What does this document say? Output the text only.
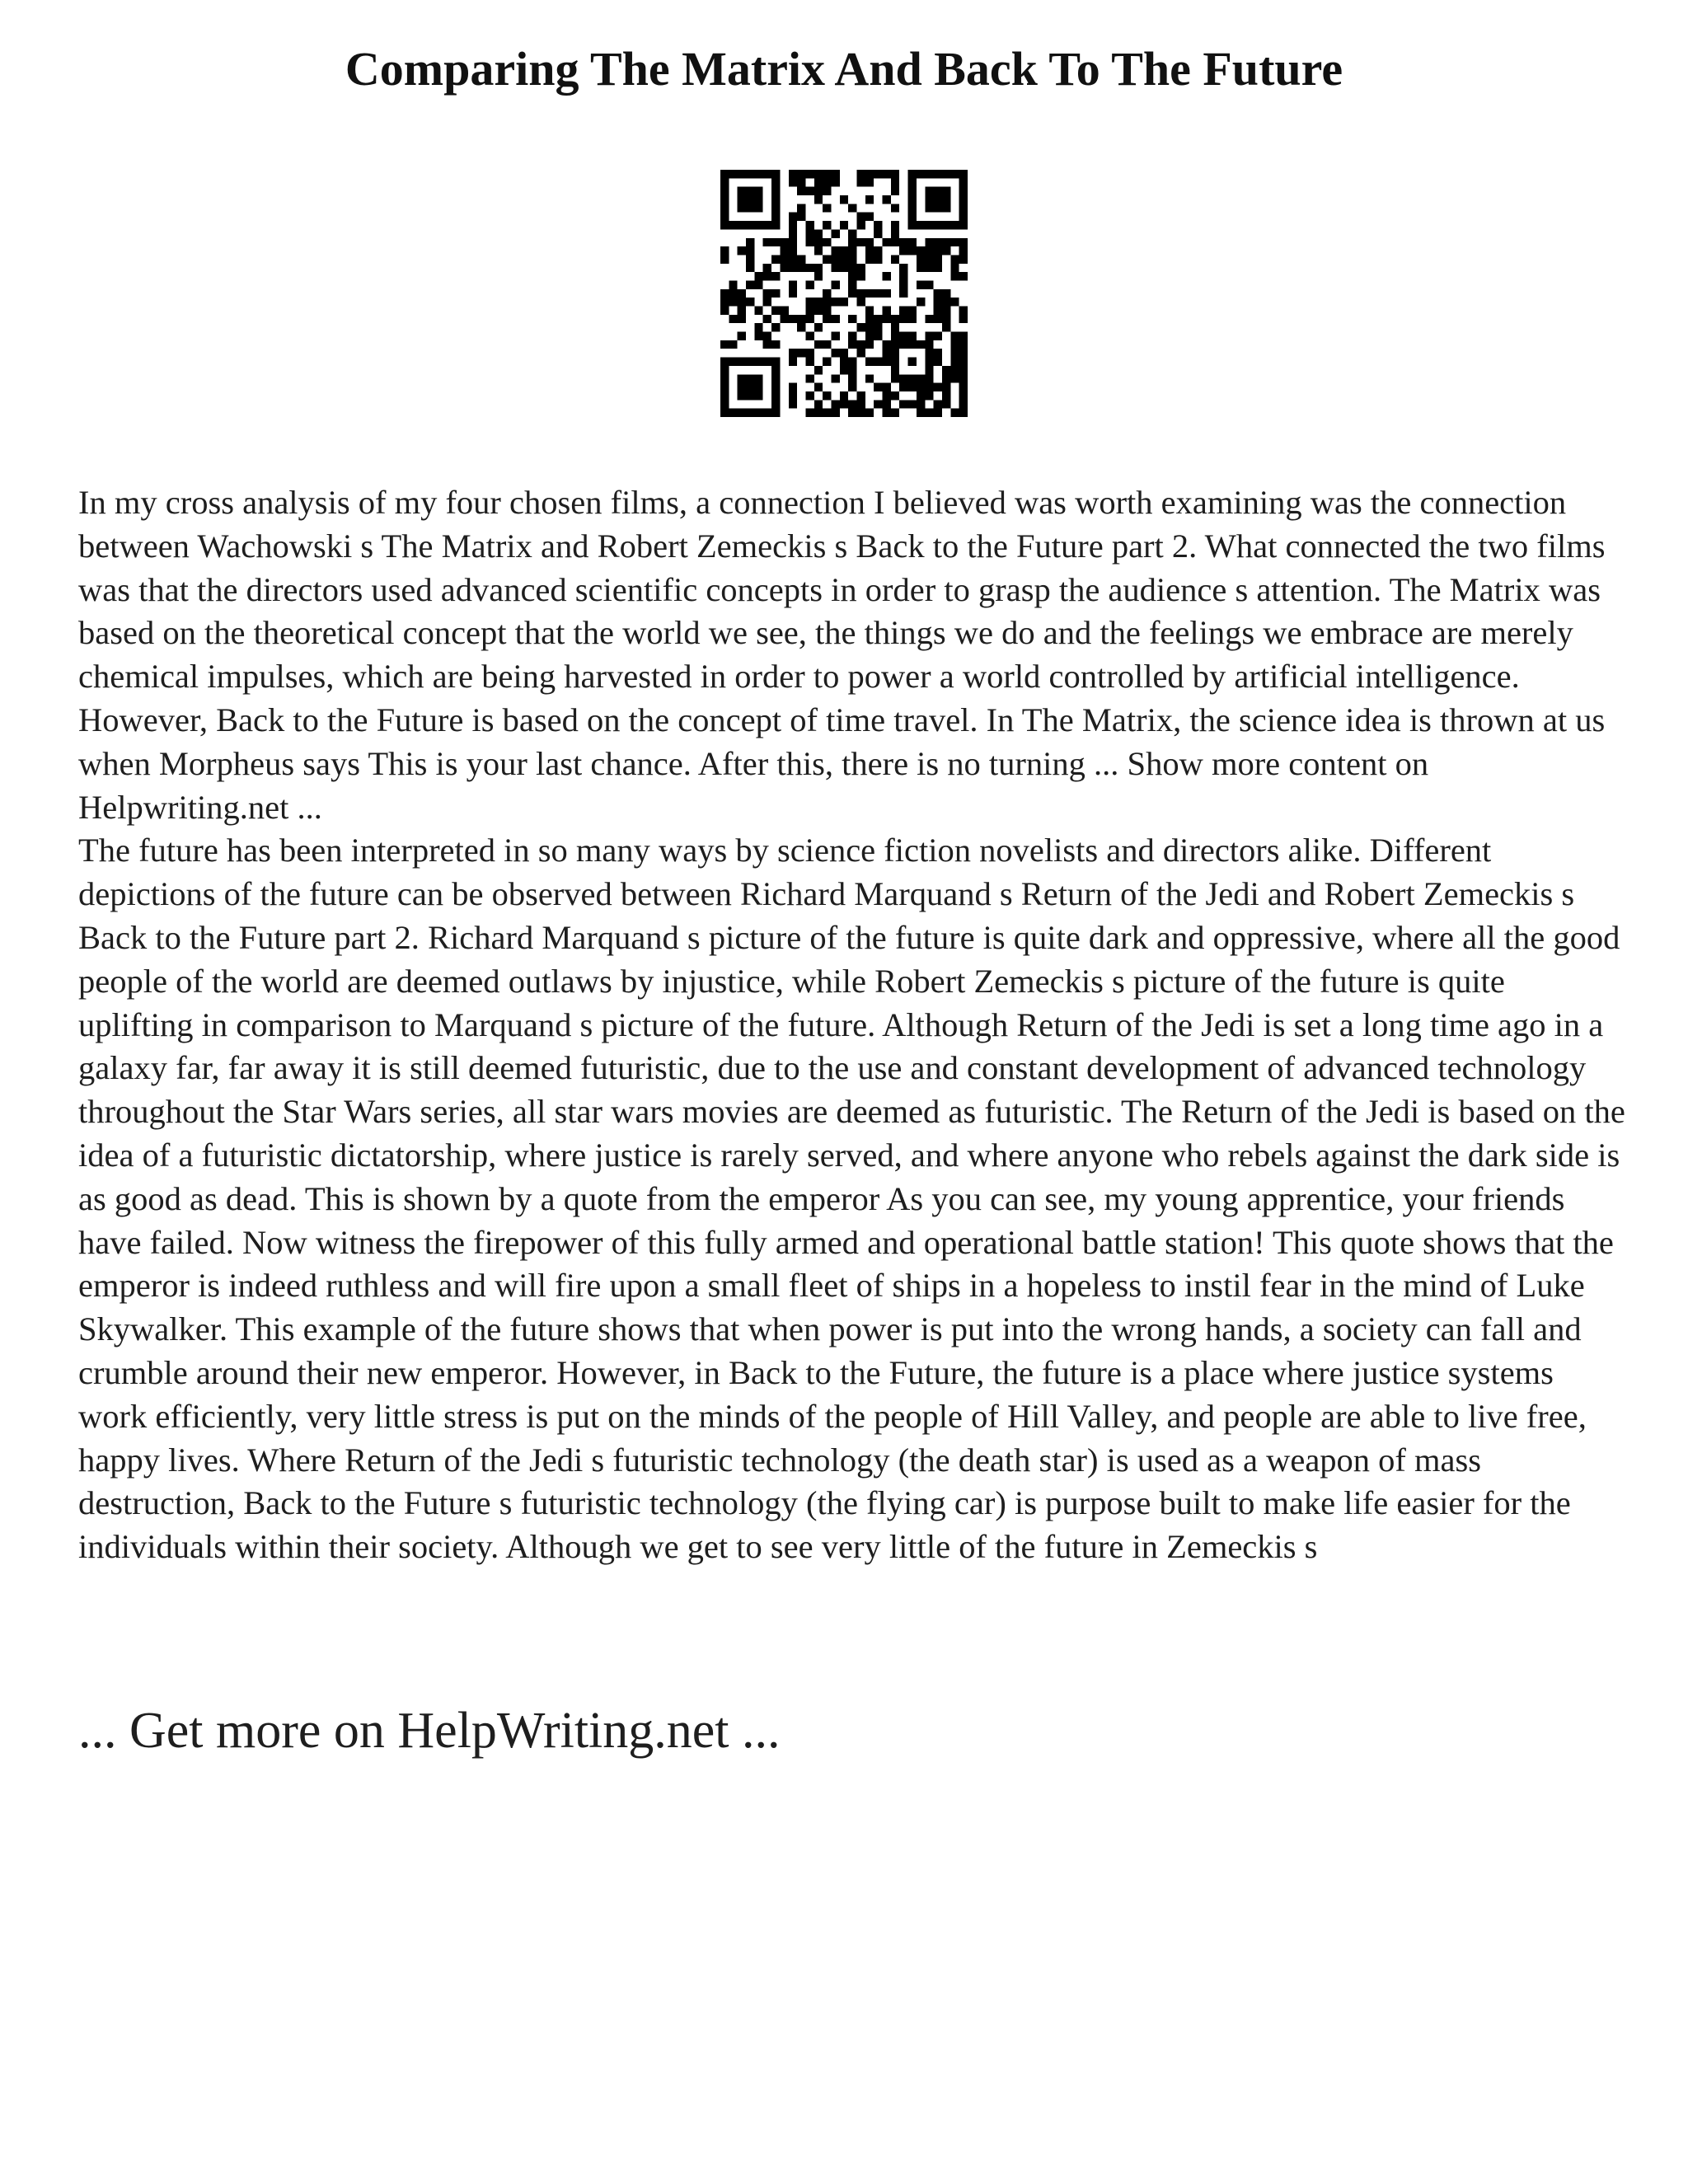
Comparing The Matrix And Back To The Future

In my cross analysis of my four chosen films, a connection I believed was worth examining was the connection between Wachowski s The Matrix and Robert Zemeckis s Back to the Future part 2. What connected the two films was that the directors used advanced scientific concepts in order to grasp the audience s attention. The Matrix was based on the theoretical concept that the world we see, the things we do and the feelings we embrace are merely chemical impulses, which are being harvested in order to power a world controlled by artificial intelligence. However, Back to the Future is based on the concept of time travel. In The Matrix, the science idea is thrown at us when Morpheus says This is your last chance. After this, there is no turning ... Show more content on Helpwriting.net ...

The future has been interpreted in so many ways by science fiction novelists and directors alike. Different depictions of the future can be observed between Richard Marquand s Return of the Jedi and Robert Zemeckis s Back to the Future part 2. Richard Marquand s picture of the future is quite dark and oppressive, where all the good people of the world are deemed outlaws by injustice, while Robert Zemeckis s picture of the future is quite uplifting in comparison to Marquand s picture of the future. Although Return of the Jedi is set a long time ago in a galaxy far, far away it is still deemed futuristic, due to the use and constant development of advanced technology throughout the Star Wars series, all star wars movies are deemed as futuristic. The Return of the Jedi is based on the idea of a futuristic dictatorship, where justice is rarely served, and where anyone who rebels against the dark side is as good as dead. This is shown by a quote from the emperor As you can see, my young apprentice, your friends have failed. Now witness the firepower of this fully armed and operational battle station! This quote shows that the emperor is indeed ruthless and will fire upon a small fleet of ships in a hopeless to instil fear in the mind of Luke Skywalker. This example of the future shows that when power is put into the wrong hands, a society can fall and crumble around their new emperor. However, in Back to the Future, the future is a place where justice systems work efficiently, very little stress is put on the minds of the people of Hill Valley, and people are able to live free, happy lives. Where Return of the Jedi s futuristic technology (the death star) is used as a weapon of mass destruction, Back to the Future s futuristic technology (the flying car) is purpose built to make life easier for the individuals within their society. Although we get to see very little of the future in Zemeckis s

... Get more on HelpWriting.net ...
